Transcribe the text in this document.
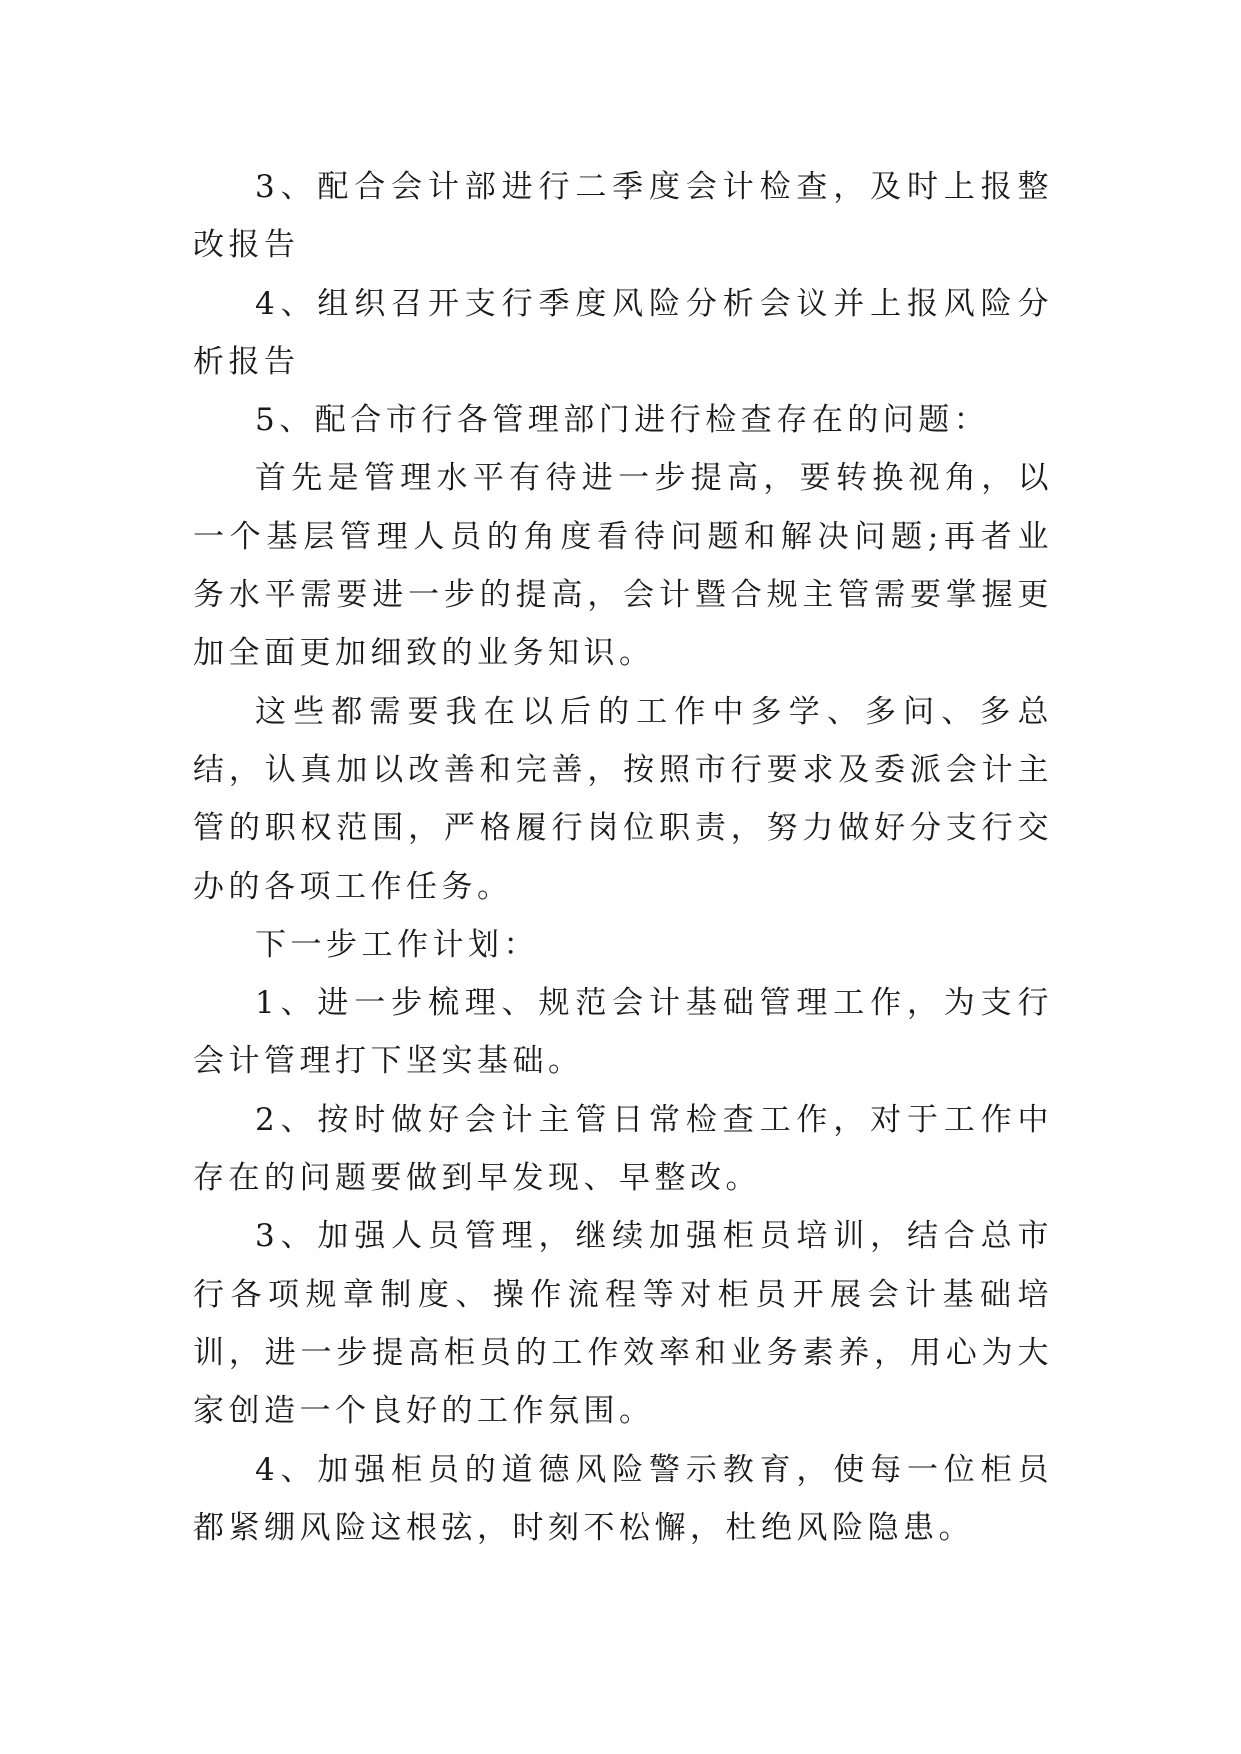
3、配合会计部进行二季度会计检查，及时上报整改报告

4、组织召开支行季度风险分析会议并上报风险分析报告

5、配合市行各管理部门进行检查存在的问题：

首先是管理水平有待进一步提高，要转换视角，以一个基层管理人员的角度看待问题和解决问题;再者业务水平需要进一步的提高，会计暨合规主管需要掌握更加全面更加细致的业务知识。

这些都需要我在以后的工作中多学、多问、多总结，认真加以改善和完善，按照市行要求及委派会计主管的职权范围，严格履行岗位职责，努力做好分支行交办的各项工作任务。

下一步工作计划：

1、进一步梳理、规范会计基础管理工作，为支行会计管理打下坚实基础。

2、按时做好会计主管日常检查工作，对于工作中存在的问题要做到早发现、早整改。

3、加强人员管理，继续加强柜员培训，结合总市行各项规章制度、操作流程等对柜员开展会计基础培训，进一步提高柜员的工作效率和业务素养，用心为大家创造一个良好的工作氛围。

4、加强柜员的道德风险警示教育，使每一位柜员都紧绷风险这根弦，时刻不松懈，杜绝风险隐患。
